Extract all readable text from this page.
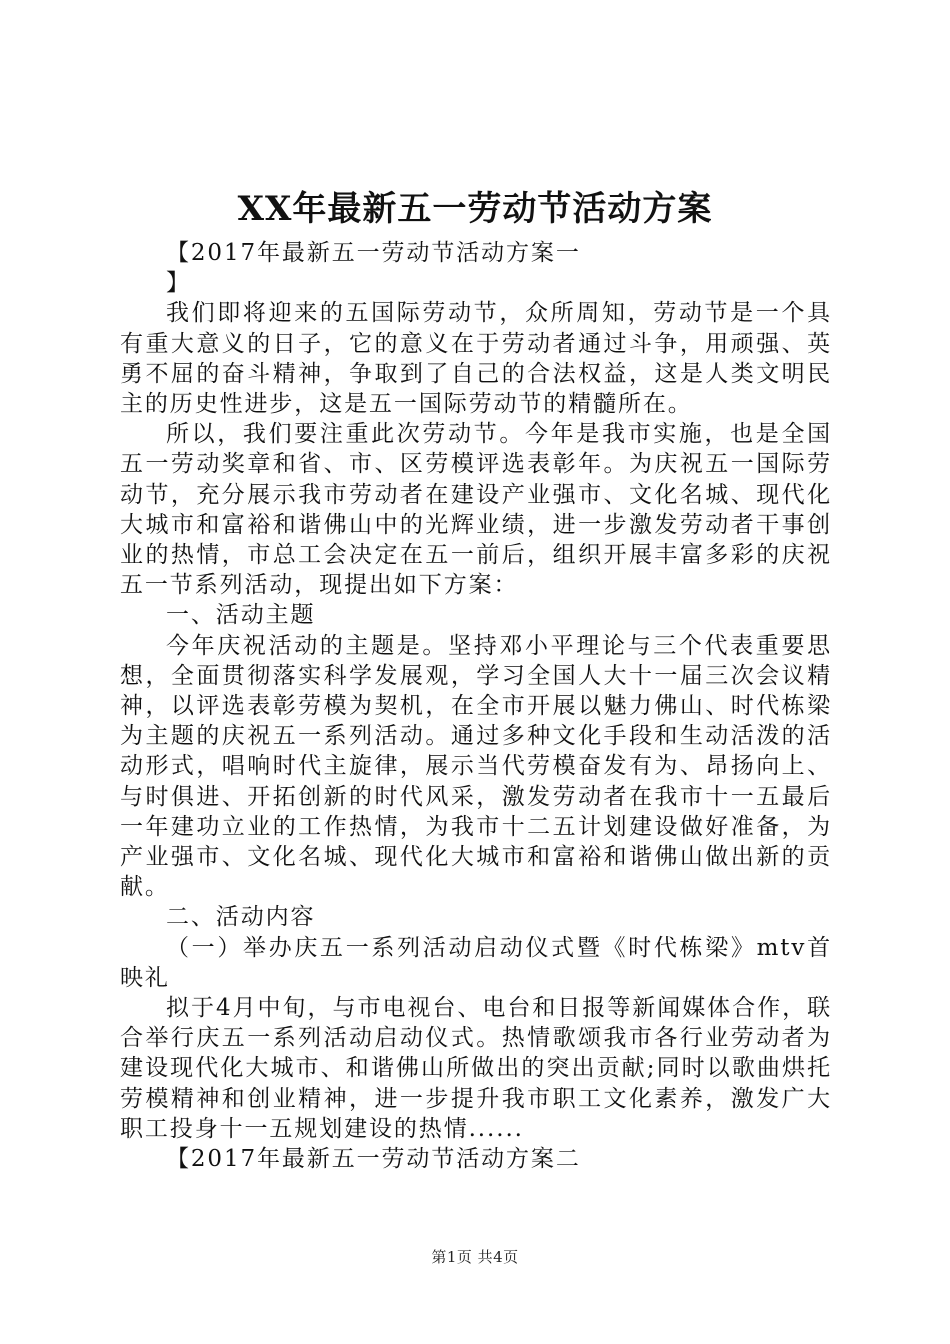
XX年最新五一劳动节活动方案

【2017年最新五一劳动节活动方案一

】

我们即将迎来的五国际劳动节，众所周知，劳动节是一个具有重大意义的日子，它的意义在于劳动者通过斗争，用顽强、英勇不屈的奋斗精神，争取到了自己的合法权益，这是人类文明民主的历史性进步，这是五一国际劳动节的精髓所在。

所以，我们要注重此次劳动节。今年是我市实施，也是全国五一劳动奖章和省、市、区劳模评选表彰年。为庆祝五一国际劳动节，充分展示我市劳动者在建设产业强市、文化名城、现代化大城市和富裕和谐佛山中的光辉业绩，进一步激发劳动者干事创业的热情，市总工会决定在五一前后，组织开展丰富多彩的庆祝五一节系列活动，现提出如下方案：

一、活动主题

今年庆祝活动的主题是。坚持邓小平理论与三个代表重要思想，全面贯彻落实科学发展观，学习全国人大十一届三次会议精神，以评选表彰劳模为契机，在全市开展以魅力佛山、时代栋梁为主题的庆祝五一系列活动。通过多种文化手段和生动活泼的活动形式，唱响时代主旋律，展示当代劳模奋发有为、昂扬向上、与时俱进、开拓创新的时代风采，激发劳动者在我市十一五最后一年建功立业的工作热情，为我市十二五计划建设做好准备，为产业强市、文化名城、现代化大城市和富裕和谐佛山做出新的贡献。

二、活动内容

（一）举办庆五一系列活动启动仪式暨《时代栋梁》mtv首映礼

拟于4月中旬，与市电视台、电台和日报等新闻媒体合作，联合举行庆五一系列活动启动仪式。热情歌颂我市各行业劳动者为建设现代化大城市、和谐佛山所做出的突出贡献;同时以歌曲烘托劳模精神和创业精神，进一步提升我市职工文化素养，激发广大职工投身十一五规划建设的热情......

【2017年最新五一劳动节活动方案二

第1页 共4页
